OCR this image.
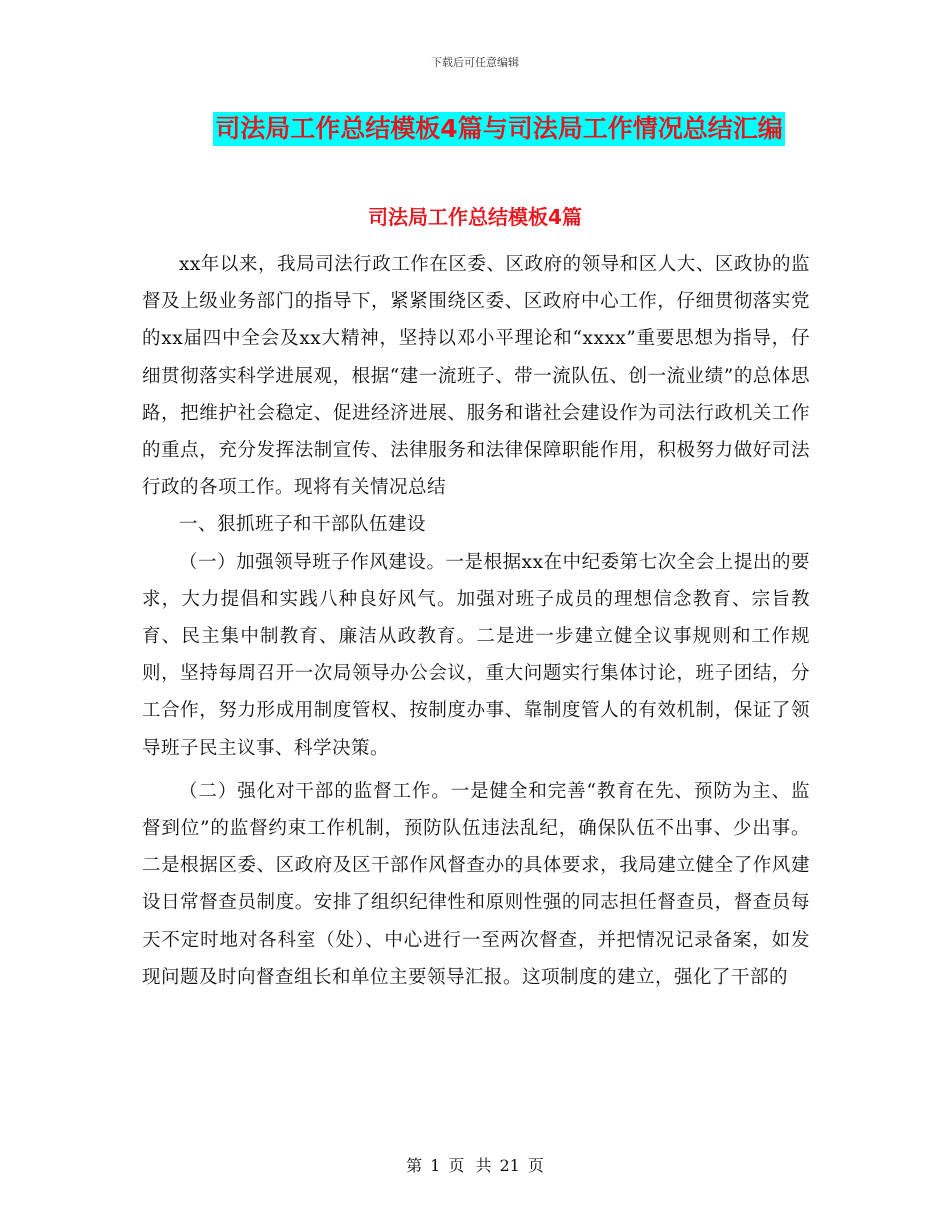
下载后可任意编辑
司法局工作总结模板4篇与司法局工作情况总结汇编
司法局工作总结模板4篇

xx年以来，我局司法行政工作在区委、区政府的领导和区人大、区政协的监督及上级业务部门的指导下，紧紧围绕区委、区政府中心工作，仔细贯彻落实党的xx届四中全会及xx大精神，坚持以邓小平理论和“xxxx”重要思想为指导，仔细贯彻落实科学进展观，根据“建一流班子、带一流队伍、创一流业绩”的总体思路，把维护社会稳定、促进经济进展、服务和谐社会建设作为司法行政机关工作的重点，充分发挥法制宣传、法律服务和法律保障职能作用，积极努力做好司法行政的各项工作。现将有关情况总结

一、狠抓班子和干部队伍建设

（一）加强领导班子作风建设。一是根据xx在中纪委第七次全会上提出的要求，大力提倡和实践八种良好风气。加强对班子成员的理想信念教育、宗旨教育、民主集中制教育、廉洁从政教育。二是进一步建立健全议事规则和工作规则，坚持每周召开一次局领导办公会议，重大问题实行集体讨论，班子团结，分工合作，努力形成用制度管权、按制度办事、靠制度管人的有效机制，保证了领导班子民主议事、科学决策。

（二）强化对干部的监督工作。一是健全和完善“教育在先、预防为主、监督到位”的监督约束工作机制，预防队伍违法乱纪，确保队伍不出事、少出事。二是根据区委、区政府及区干部作风督查办的具体要求，我局建立健全了作风建设日常督查员制度。安排了组织纪律性和原则性强的同志担任督查员，督查员每天不定时地对各科室（处）、中心进行一至两次督查，并把情况记录备案，如发现问题及时向督查组长和单位主要领导汇报。这项制度的建立，强化了干部的

第 1 页 共 21 页
